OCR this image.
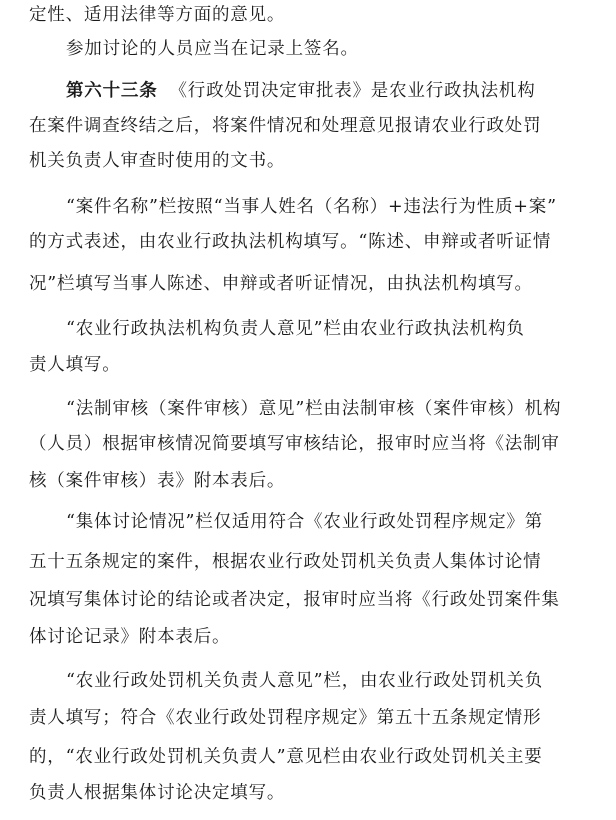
定性、适用法律等方面的意见。
参加讨论的人员应当在记录上签名。
第六十三条 《行政处罚决定审批表》是农业行政执法机构
在案件调查终结之后，将案件情况和处理意见报请农业行政处罚
机关负责人审查时使用的文书。
“案件名称”栏按照“当事人姓名（名称）+违法行为性质+案”
的方式表述，由农业行政执法机构填写。“陈述、申辩或者听证情
况”栏填写当事人陈述、申辩或者听证情况，由执法机构填写。
“农业行政执法机构负责人意见”栏由农业行政执法机构负
责人填写。
“法制审核（案件审核）意见”栏由法制审核（案件审核）机构
（人员）根据审核情况简要填写审核结论，报审时应当将《法制审
核（案件审核）表》附本表后。
“集体讨论情况”栏仅适用符合《农业行政处罚程序规定》第
五十五条规定的案件，根据农业行政处罚机关负责人集体讨论情
况填写集体讨论的结论或者决定，报审时应当将《行政处罚案件集
体讨论记录》附本表后。
“农业行政处罚机关负责人意见”栏，由农业行政处罚机关负
责人填写；符合《农业行政处罚程序规定》第五十五条规定情形
的，“农业行政处罚机关负责人”意见栏由农业行政处罚机关主要
负责人根据集体讨论决定填写。
